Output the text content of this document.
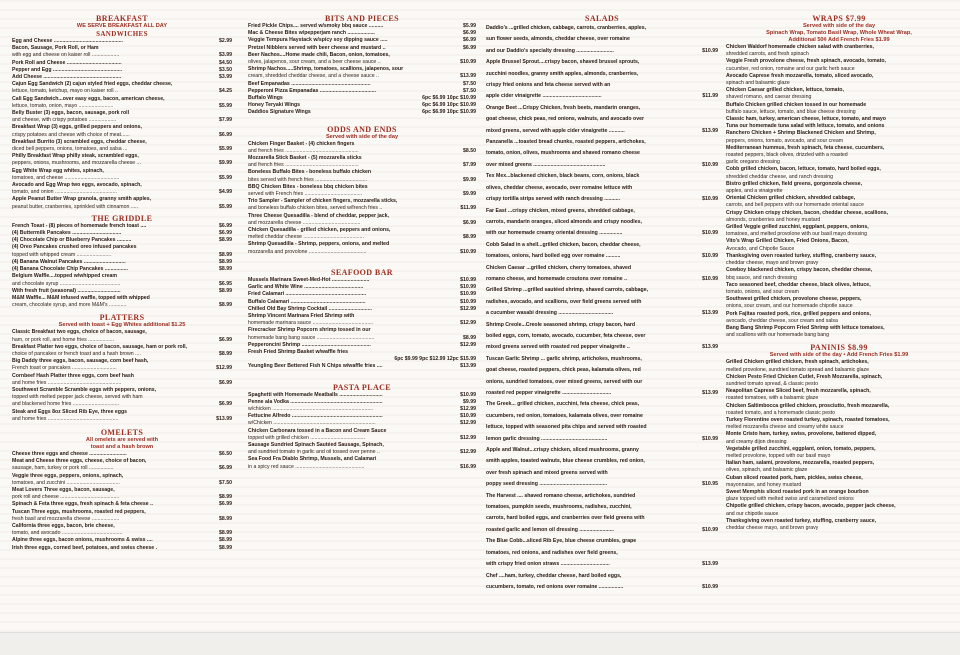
BREAKFAST
WE SERVE BREAKFAST ALL DAY
SANDWICHES
$2.99
Egg and Cheese ................................................
Bacon, Sausage, Pork Roll, or Ham
$3.99
with egg and cheese on kaiser roll ...................
$4.50
Pork Roll and Cheese ......................................
$3.50
Pepper and Egg ................................................
$3.99
Add Cheese ......................................................
Cajun Egg Sandwich (2) cajun styled fried eggs, cheddar cheese,
$4.25
lettuce, tomato, ketchup, mayo on kaiser roll ..
Cali Egg Sandwich...over easy eggs, bacon, american cheese,
$5.99
lettuce, tomato, onion, mayo ........................
Belly Buster (3) eggs, bacon, sausage, pork roll
$7.99
and cheese, with crispy potatoes ...................
Breakfast Wrap (3) eggs, grilled peppers and onions,
$6.99
crispy potatoes and cheese with choice of meat......
Breakfast Burrito (3) scrambled eggs, cheddar cheese,
$5.99
diced bell peppers, onions, tomatoes, and salsa ...
Philly Breakfast Wrap philly steak, scrambled eggs,
$9.99
peppers, onions, mushrooms, and mozzarella cheese ...
Egg White Wrap egg whites, spinach,
$5.99
tomatoes, and cheese ......................................
Avocado and Egg Wrap two eggs, avocado, spinach,
$4.99
tomato, and onion ...........................................
Apple Peanut Butter Wrap granola, granny smith apples,
$5.99
peanut butter, cranberries, sprinkled with cinnamon .....
THE GRIDDLE
$6.99
French Toast - (8) pieces of homemade french toast ....
$6.99
(4) Buttermilk Pancakes ..................................
$8.99
(4) Chocolate Chip or Blueberry Pancakes ..........
(4) Oreo Pancakes crushed oreo infused pancakes
$8.99
topped with whipped cream ........................
$8.99
(4) Banana Walnut Pancakes .............................
$8.99
(4) Banana Chocolate Chip Pancakes ................
Belgium Waffle....topped w/whipped cream
$6.95
and chocolate syrup ..........................................
$8.99
With fresh fruit (seasonal) ..............................
M&M Waffle... M&M infused waffle, topped with whipped
$8.99
cream, chocolate syrup, and more M&M's ............
PLATTERS
Served with toast + Egg Whites additional $1.25
Classic Breakfast two eggs, choice of bacon, sausage,
$6.99
ham, or pork roll, and home fries ..................
Breakfast Platter two eggs, choice of bacon, sausage, ham or pork roll,
$8.99
choice of pancakes or french toast and a hash brown ....
Big Daddy three eggs, bacon, sausage, corn beef hash,
$12.99
French toast or pancakes ...............................
Cornbeef Hash Platter three eggs, corn beef hash
$6.99
and home fries ...................................................
Southwest Scramble Scramble eggs with peppers, onions,
topped with melted pepper jack cheese, served with ham
$6.99
and blackened home fries ................................
Steak and Eggs 8oz Sliced Rib Eye, three eggs
$13.99
and home fries .................................................
OMELETS
All omelets are served with
toast and a hash brown
$6.50
Cheese three eggs and cheese ..........................
Meat and Cheese three eggs, cheese, choice of bacon,
$6.99
sausage, ham, turkey or pork roll .................
Veggie three eggs, peppers, onions, spinach,
$7.50
tomatoes, and zucchini .....................................
Meat Lovers Three eggs, bacon, sausage,
$8.99
pork roll and cheese .........................................
$6.99
Spinach & Feta three eggs, fresh spinach & feta cheese ..
Tuscan Three eggs, mushrooms, roasted red peppers,
$8.99
fresh basil and mozzarella cheese ...................
California three eggs, bacon, brie cheese,
$8.99
tomato, and avocado ..........................................
$8.99
Alpine three eggs, bacon onions, mushrooms & swiss ....
$8.99
Irish three eggs, corned beef, potatoes, and swiss cheese .
BITS AND PIECES
$5.99
Fried Pickle Chips.... served w/smoky bbq sauce ..........
$6.99
Mac & Cheese Bites w/pepperjam ranch ...................
$6.99
Veggie Tempura Haystack w/spicy soy dipping sauce .....
$6.99
Pretzel Nibblers served with beer cheese and mustard ..
Beer Nachos....Home made chili, Bacon, onion, tomatoes,
$10.99
olives, jalapenos, sour cream, and a beer cheese sauce ..
Shrimp Nachos.....Shrimp, tomatoes, scallions, jalapenos, sour
$13.99
cream, shredded cheddar cheese, and a cheese sauce ..
$7.50
Beef Empanadas .......................................................
$7.50
Pepperoni Pizza Empanadas .......................................
6pc $6.99 10pc $10.99
Buffalo Wings
6pc $6.99 10pc $10.99
Honey Teryaki Wings
6pc $6.99 10pc $10.99
Daddios Signature Wings
ODDS AND ENDS
Served with side of the day
Chicken Finger Basket - (4) chicken fingers
$8.50
and french fries ...................................................
Mozzarella Stick Basket - (5) mozzarella sticks
$7.99
and french fries ...................................................
Boneless Buffalo Bites - boneless buffalo chicken
$9.99
bites served with french fries ....................................
BBQ Chicken Bites - boneless bbq chicken bites
$9.99
served with French fries ........................................
Trio Sampler - Sampler of chicken fingers, mozzarella sticks,
$11.99
and boneless buffalo chicken bites, served w/french fries ..
Three Cheese Quesadilla - blend of cheddar, pepper jack,
$6.99
and mozzarella cheese ........................................
Chicken Quesadilla - grilled chicken, peppers and onions,
$8.99
melted cheddar cheese ..........................................
Shrimp Quesadilla - Shrimp, peppers, onions, and melted
$10.99
mozzarella and provolone ........................................
SEAFOOD BAR
$10.99
Mussels Marinara Sweet-Med-Hot ..........................
$10.99
Garlic and White Wine .........................................
$10.99
Fried Calamari ........................................................
$10.99
Buffalo Calamari ....................................................
$12.99
Chilled Old Bay Shrimp Cocktail ..............................
Shrimp Vincent Marinara Fried Shrimp with
$12.99
homemade marinara sauce ..........................................
Firecracker Shrimp Popcorn shrimp tossed in our
$8.99
homemade bang bang sauce ........................................
$12.99
Pepperoncini Shrimp ................................................
Fresh Fried Shrimp Basket w/waffle fries
6pc $9.99 9pc $12.99 12pc $15.99
$13.99
Yeungling Beer Bettered Fish N Chips w/waffle fries ....
PASTA PLACE
$10.99
Spaghetti with Homemade Meatballs ..............................
$9.99
Penne ala Vodka ................................................................
$12.99
w/chicken ......................................................................
$10.99
Fettucine Alfredo ...............................................................
$12.99
w/Chicken .......................................................................
Chicken Carbonara tossed in a Bacon and Cream Sauce
$12.99
topped with grilled chicken ......................................
Sausage Sundried Spinach Sautéed Sausage, Spinach,
$12.99
and sundried tomato in garlic and oil tossed over penne ..
Sea Food Fra Diablo Shrimp, Mussels, and Calamari
$16.99
in a spicy red sauce ................................................
SALADS
Daddio's ...grilled chicken, cabbage, carrots, cranberries, apples,
sun flower seeds, almonds, cheddar cheese, over romaine
$10.99
and our Daddio's specialty dressing ..........................
Apple Brussel Sprout....crispy bacon, shaved brussel sprouts,
zucchini noodles, granny smith apples, almonds, cranberries,
crispy fried onions and feta cheese served with an
$11.99
apple cider vinaigrette .........................................
Orange Beet ...Crispy Chicken, fresh beets, mandarin oranges,
goat cheese, chick peas, red onions, walnuts, and avocado over
$13.99
mixed greens, served with apple cider vinaigrette ...........
Panzanella ...toasted bread chunks, roasted peppers, artichokes,
tomato, onion, olives, mushrooms and shaved romano cheese
$10.99
over mixed greens ..................................................
Tex Mex...blackened chicken, black beans, corn, onions, black
olives, cheddar cheese, avocado, over romaine lettuce with
$10.99
crispy tortilla strips served with ranch dressing ...........
Far East ...crispy chicken, mixed greens, shredded cabbage,
carrots, mandarin oranges, sliced almonds and crispy noodles,
$10.99
with our homemade creamy oriental dressing ................
Cobb Salad in a shell...grilled chicken, bacon, cheddar cheese,
$10.99
tomatoes, onions, hard boiled egg over romaine ..........
Chicken Caesar ...grilled chicken, cherry tomatoes, shaved
$10.99
romano cheese, and homemade croutons over romaine ..
Grilled Shrimp ...grilled sautéed shrimp, shaved carrots, cabbage,
radishes, avocado, and scallions, over field greens served with
$13.99
a cucumber wasabi dressing ......................................
Shrimp Creole...Creole seasoned shrimp, crispy bacon, hard
boiled eggs, corn, tomato, avocado, cucumber, feta cheese, over
$13.99
mixed greens served with roasted red pepper vinaigrette ..
Tuscan Garlic Shrimp ... garlic shrimp, artichokes, mushrooms,
goat cheese, roasted peppers, chick peas, kalamata olives, red
onions, sundried tomatoes, over mixed greens, served with our
$13.99
roasted red pepper vinaigrette ..................................
The Greek... grilled chicken, zucchini, feta cheese, chick peas,
cucumbers, red onion, tomatoes, kalamata olives, over romaine
lettuce, topped with seasoned pita chips and served with roasted
$10.99
lemon garlic dressing ..............................................
Apple and Walnut...crispy chicken, sliced mushrooms, granny
smith apples, toasted walnuts, blue cheese crumbles, red onion,
over fresh spinach and mixed greens served with
$10.95
poppy seed dressing ...............................................
The Harvest .... shaved romano cheese, artichokes, sundried
tomatoes, pumpkin seeds, mushrooms, radishes, zucchini,
carrots, hard boiled eggs, and cranberries over field greens with
$10.99
roasted garlic and lemon oil dressing ........................
The Blue Cobb...sliced Rib Eye, blue cheese crumbles, grape
tomatoes, red onions, and radishes over field greens,
$13.99
with crispy fried onion straws ..................................
Chef ....ham, turkey, cheddar cheese, hard boiled eggs,
$10.99
cucumbers, tomato, red onions over romaine .................
WRAPS $7.99
Served with side of the day
Spinach Wrap, Tomato Basil Wrap, Whole Wheat Wrap,
Additional 50¢ Add French Fries $1.99
Chicken Waldorf homemade chicken salad with cranberries,
shredded carrots, and fresh spinach
Veggie Fresh provolone cheese, fresh spinach, avocado, tomato,
cucumber, red onion, romaine and our garlic herb sauce
Avocado Caprese fresh mozzarella, tomato, sliced avocado,
spinach and balsamic glaze
Chicken Caesar grilled chicken, lettuce, tomato,
shaved romano, and caesar dressing
Buffalo Chicken grilled chicken tossed in our homemade
buffalo sauce, lettuce, tomato, and blue cheese dressing
Classic ham, turkey, american cheese, lettuce, tomato, and mayo
Tuna our homemade tuna salad with lettuce, tomato, and onions
Ranchero Chicken + Shrimp Blackened Chicken and Shrimp,
peppers, onions, tomato, avocado, and sour cream
Mediterranean hummus, fresh spinach, feta cheese, cucumbers,
roasted peppers, black olives, drizzled with a roasted
garlic oregano dressing
Cobb grilled chicken, bacon, lettuce, tomato, hard boiled eggs,
shredded cheddar cheese, and ranch dressing
Bistro grilled chicken, field greens, gorgonzola cheese,
apples, and a vinaigrette
Oriental Chicken grilled chicken, shredded cabbage,
carrots, and bell peppers with our homemade oriental sauce
Crispy Chicken crispy chicken, bacon, cheddar cheese, scallions,
almonds, cranberries and honey mustard
Grilled Veggie grilled zucchini, eggplant, peppers, onions,
tomatoes, and melted provolone with our basil mayo dressing
Vito's Wrap Grilled Chicken, Fried Onions, Bacon,
Avocado, and Chipotle Sauce
Thanksgiving oven roasted turkey, stuffing, cranberry sauce,
cheddar cheese, mayo and brown gravy
Cowboy blackened chicken, crispy bacon, cheddar cheese,
bbq sauce, and ranch dressing
Taco seasoned beef, cheddar cheese, black olives, lettuce,
tomato, onions, and sour cream
Southwest grilled chicken, provolone cheese, peppers,
onions, sour cream, and our homemade chipotle sauce
Pork Fajitas roasted pork, rice, grilled peppers and onions,
avocado, cheddar cheese, sour cream and salsa
Bang Bang Shrimp Popcorn Fried Shrimp with lettuce tomatoes,
and scallions with our homemade bang bang
PANINIS $8.99
Served with side of the day • Add French Fries $1.99
Grilled Chicken grilled chicken, fresh spinach, artichokes,
melted provolone, sundried tomato spread and balsamic glaze
Chicken Pesto Fried Chicken Cutlet, Fresh Mozzarella, spinach,
sundried tomato spread, & classic pesto
Neapolitan Caprese Sliced beef, fresh mozzarella, spinach,
roasted tomatoes, with a balsamic glaze
Chicken Saltimbocca grilled chicken, prosciutto, fresh mozzarella,
roasted tomato, and a homemade classic pesto
Turkey Florentine oven roasted turkey, spinach, roasted tomatoes,
melted mozzarella cheese and creamy white sauce
Monte Cristo ham, turkey, swiss, provolone, battered dipped,
and creamy dijon dressing
Vegetable grilled zucchini, eggplant, onion, tomato, peppers,
melted provolone, topped with our basil mayo
Italian ham, salami, provolone, mozzarella, roasted peppers,
olives, spinach, and balsamic glaze
Cuban sliced roasted pork, ham, pickles, swiss cheese,
mayonnaise, and honey mustard
Sweet Memphis sliced roasted pork in an orange bourbon
glaze topped with melted swiss and caramelized onions
Chipotle grilled chicken, crispy bacon, avocado, pepper jack cheese,
and our chipotle sauce
Thanksgiving oven roasted turkey, stuffing, cranberry sauce,
cheddar cheese mayo, and brown gravy
